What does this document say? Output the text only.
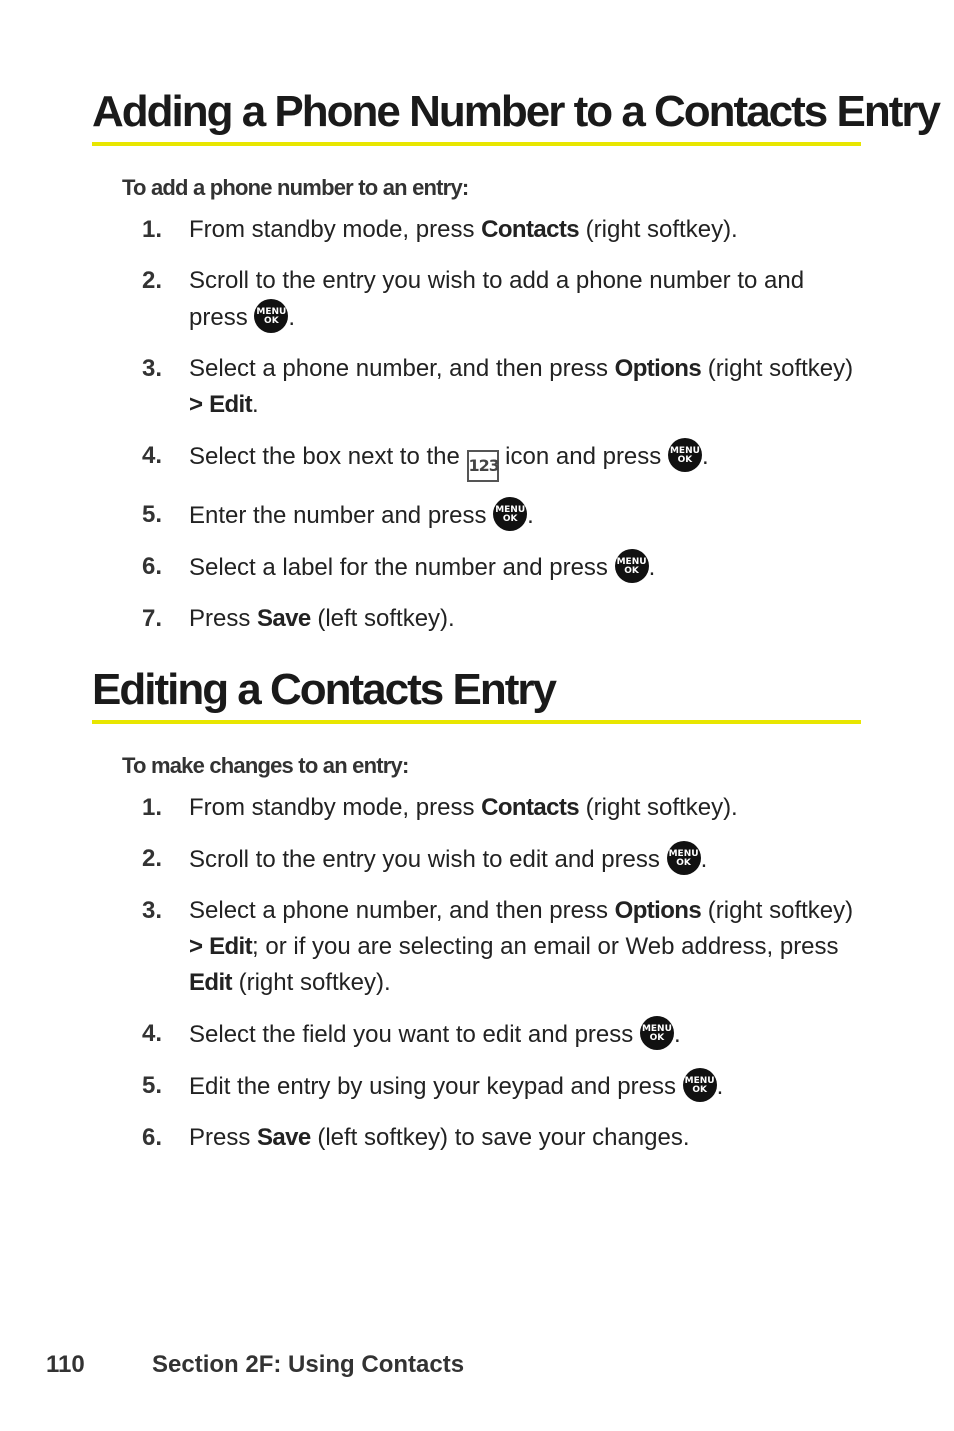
Adding a Phone Number to a Contacts Entry
To add a phone number to an entry:
1. From standby mode, press Contacts (right softkey).
2. Scroll to the entry you wish to add a phone number to and press MENU
OK .
3. Select a phone number, and then press Options (right softkey) > Edit.
4. Select the box next to the 123 icon and press MENU
OK .
5. Enter the number and press MENU
OK .
6. Select a label for the number and press MENU
OK .
7. Press Save (left softkey).
Editing a Contacts Entry
To make changes to an entry:
1. From standby mode, press Contacts (right softkey).
2. Scroll to the entry you wish to edit and press MENU
OK .
3. Select a phone number, and then press Options (right softkey) > Edit; or if you are selecting an email or Web address, press Edit (right softkey).
4. Select the field you want to edit and press MENU
OK .
5. Edit the entry by using your keypad and press MENU
OK .
6. Press Save (left softkey) to save your changes.
110	Section 2F: Using Contacts
